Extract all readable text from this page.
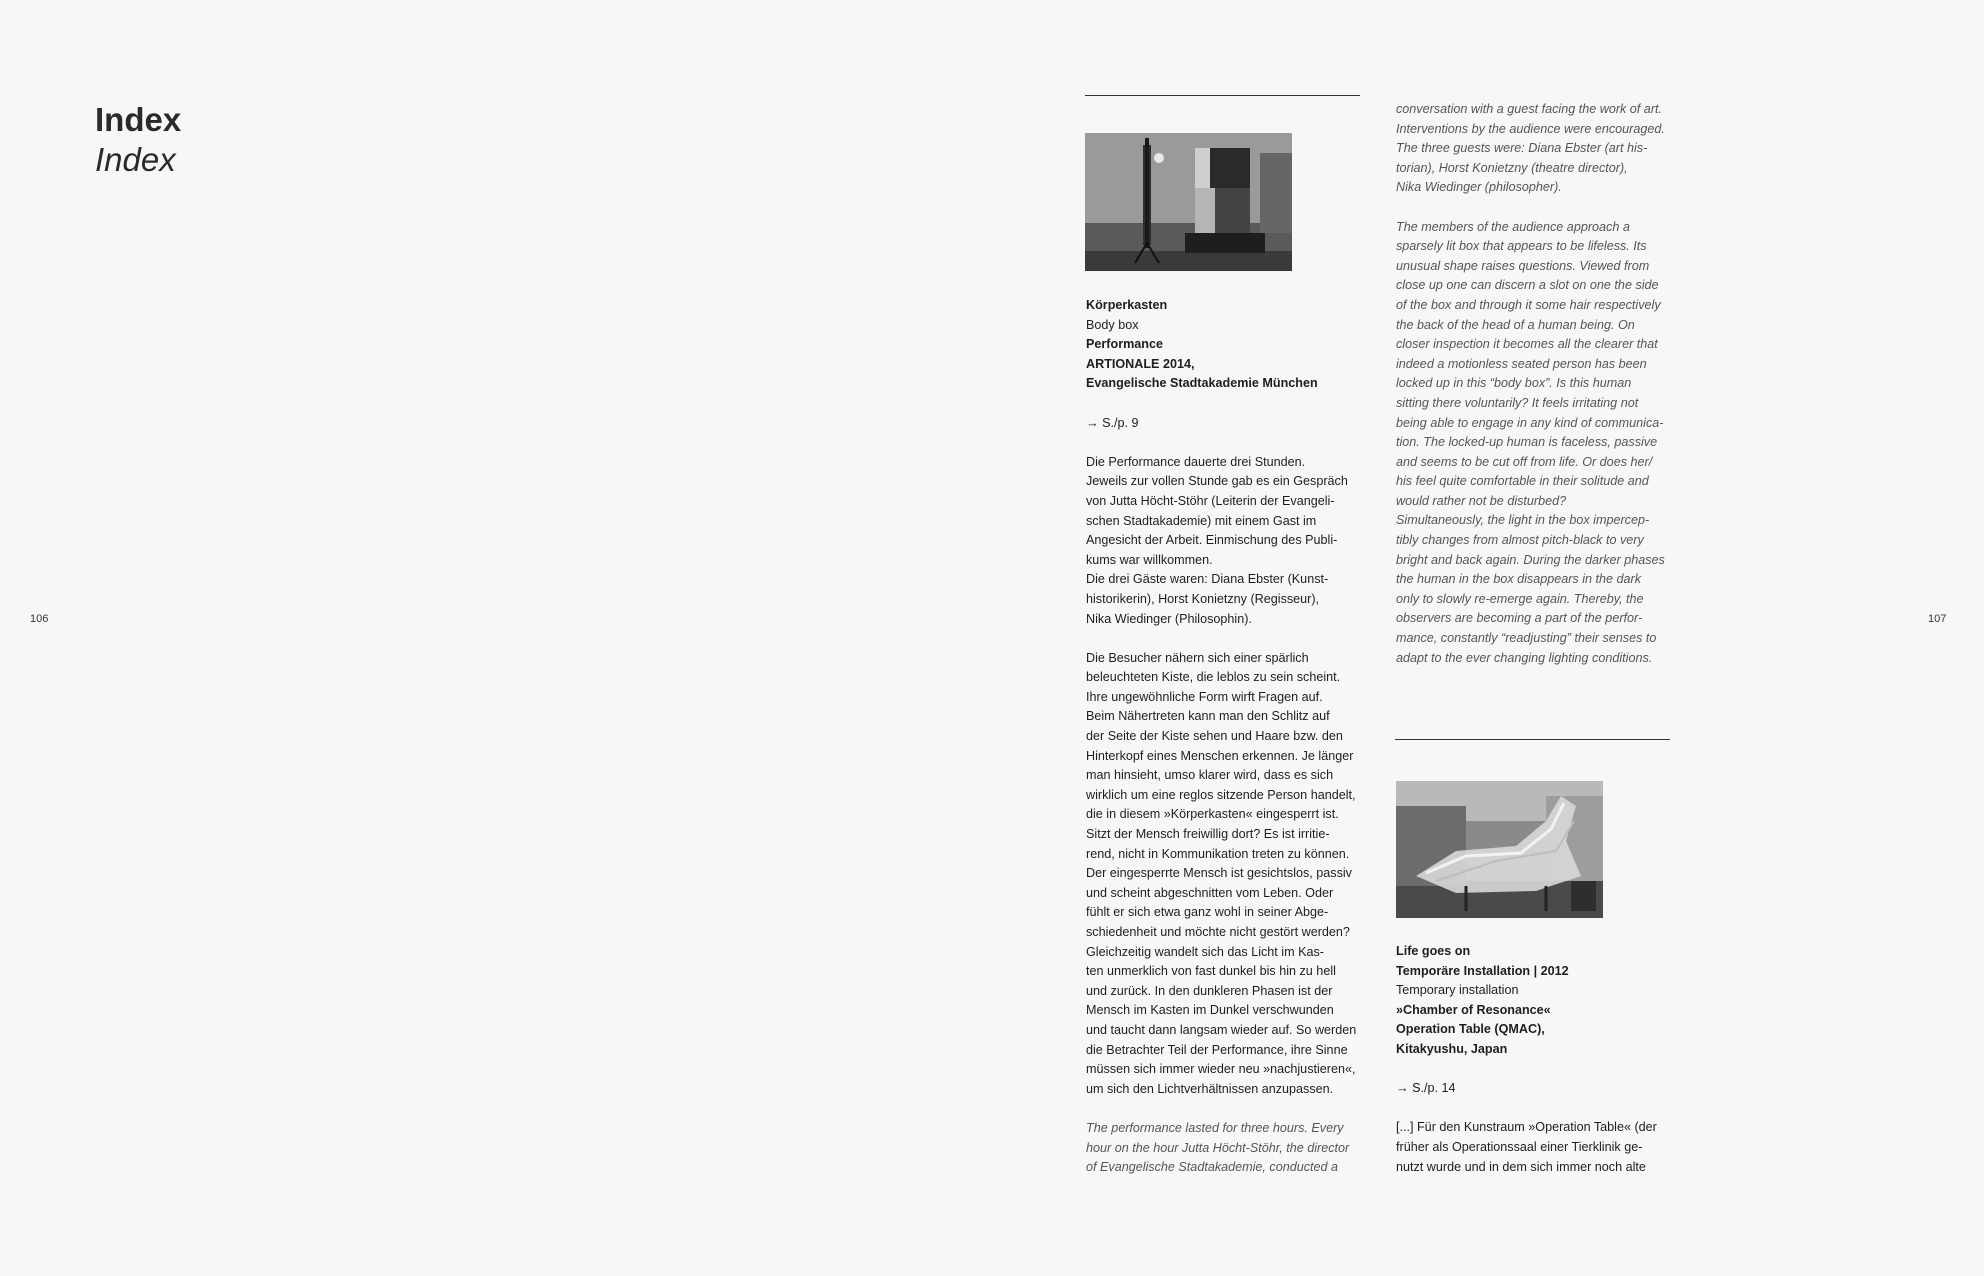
Index
Index
106	107
Körperkasten
Body box
Performance
ARTIONALE 2014,
Evangelische Stadtakademie München
→ S./p. 9
Die Performance dauerte drei Stunden.
Jeweils zur vollen Stunde gab es ein Gespräch
von Jutta Höcht-Stöhr (Leiterin der Evangeli-
schen Stadtakademie) mit einem Gast im
Angesicht der Arbeit. Einmischung des Publi-
kums war willkommen.
Die drei Gäste waren: Diana Ebster (Kunst-
historikerin), Horst Konietzny (Regisseur),
Nika Wiedinger (Philosophin).
Die Besucher nähern sich einer spärlich
beleuchteten Kiste, die leblos zu sein scheint.
Ihre ungewöhnliche Form wirft Fragen auf.
Beim Nähertreten kann man den Schlitz auf
der Seite der Kiste sehen und Haare bzw. den
Hinterkopf eines Menschen erkennen. Je länger
man hinsieht, umso klarer wird, dass es sich
wirklich um eine reglos sitzende Person handelt,
die in diesem »Körperkasten« eingesperrt ist.
Sitzt der Mensch freiwillig dort? Es ist irritie-
rend, nicht in Kommunikation treten zu können.
Der eingesperrte Mensch ist gesichtslos, passiv
und scheint abgeschnitten vom Leben. Oder
fühlt er sich etwa ganz wohl in seiner Abge-
schiedenheit und möchte nicht gestört werden?
Gleichzeitig wandelt sich das Licht im Kas-
ten unmerklich von fast dunkel bis hin zu hell
und zurück. In den dunkleren Phasen ist der
Mensch im Kasten im Dunkel verschwunden
und taucht dann langsam wieder auf. So werden
die Betrachter Teil der Performance, ihre Sinne
müssen sich immer wieder neu »nachjustieren«,
um sich den Lichtverhältnissen anzupassen.
The performance lasted for three hours. Every
hour on the hour Jutta Höcht-Stöhr, the director
of Evangelische Stadtakademie, conducted a
conversation with a guest facing the work of art.
Interventions by the audience were encouraged.
The three guests were: Diana Ebster (art his-
torian), Horst Konietzny (theatre director),
Nika Wiedinger (philosopher).
The members of the audience approach a
sparsely lit box that appears to be lifeless. Its
unusual shape raises questions. Viewed from
close up one can discern a slot on one the side
of the box and through it some hair respectively
the back of the head of a human being. On
closer inspection it becomes all the clearer that
indeed a motionless seated person has been
locked up in this “body box”. Is this human
sitting there voluntarily? It feels irritating not
being able to engage in any kind of communica-
tion. The locked-up human is faceless, passive
and seems to be cut off from life. Or does her/
his feel quite comfortable in their solitude and
would rather not be disturbed?
Simultaneously, the light in the box impercep-
tibly changes from almost pitch-black to very
bright and back again. During the darker phases
the human in the box disappears in the dark
only to slowly re-emerge again. Thereby, the
observers are becoming a part of the perfor-
mance, constantly “readjusting” their senses to
adapt to the ever changing lighting conditions.
Life goes on
Temporäre Installation | 2012
Temporary installation
»Chamber of Resonance«
Operation Table (QMAC),
Kitakyushu, Japan
→ S./p. 14
[...] Für den Kunstraum »Operation Table« (der
früher als Operationssaal einer Tierklinik ge-
nutzt wurde und in dem sich immer noch alte
